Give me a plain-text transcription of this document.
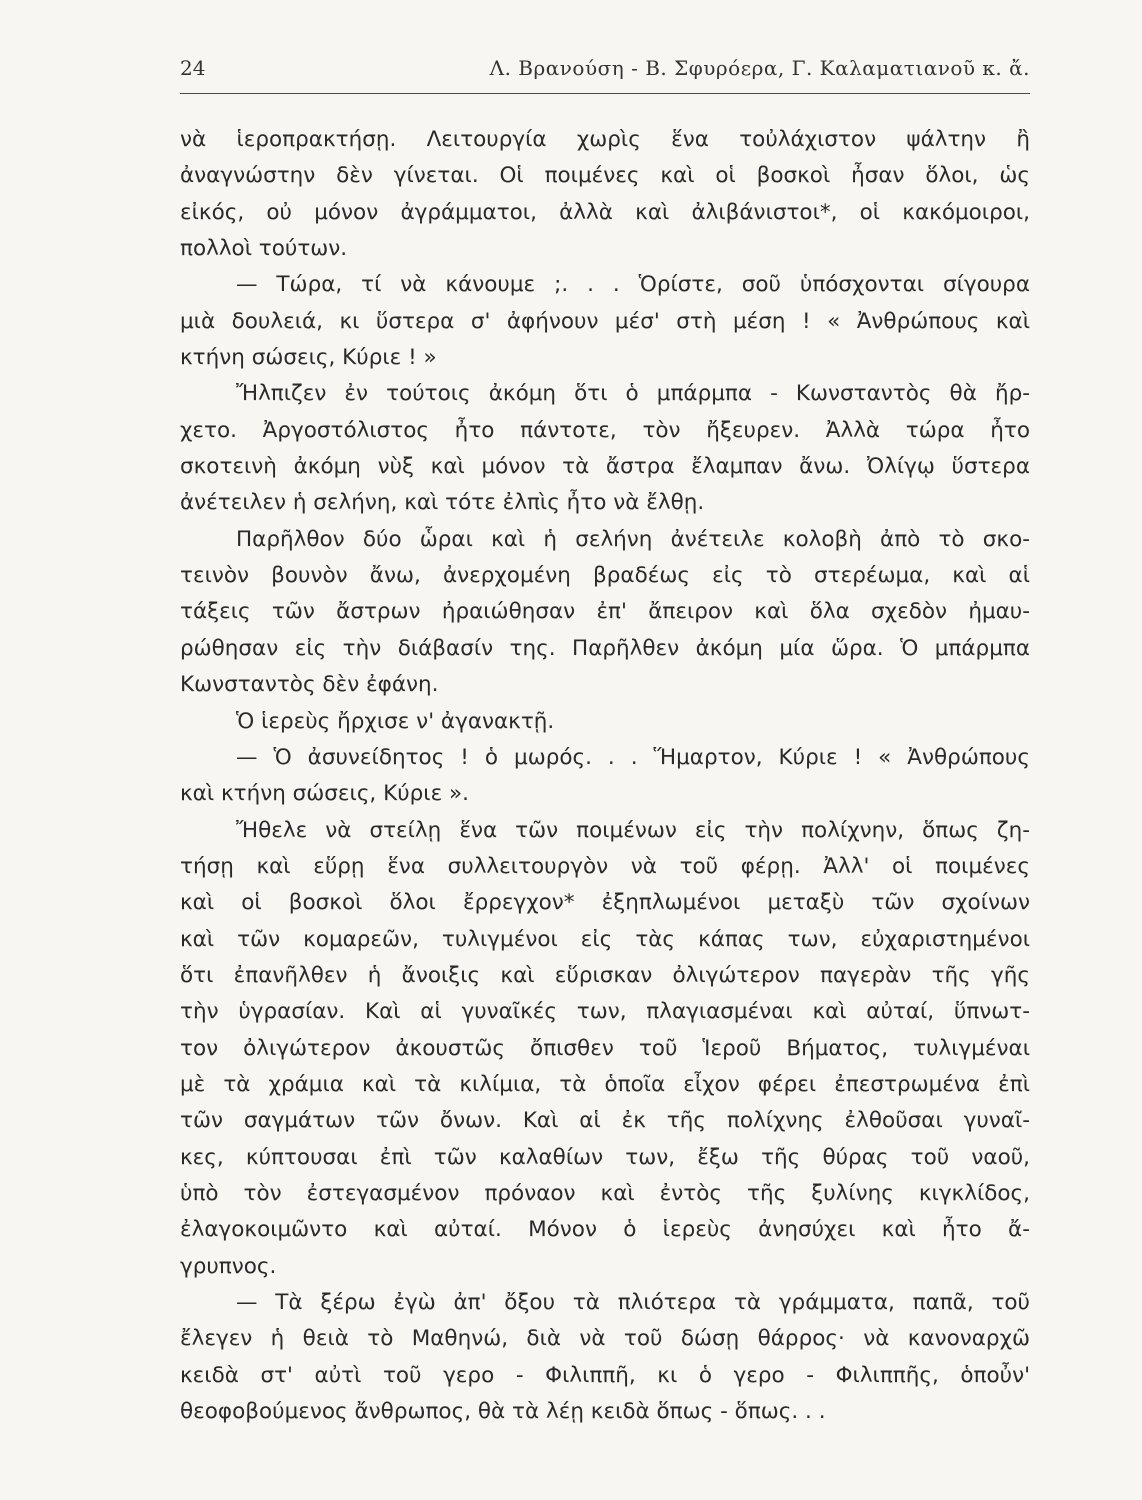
24	Λ. Βρανούση - Β. Σφυρόερα, Γ. Καλαματιανοῦ κ. ἄ.
νὰ ἱεροπρακτήσῃ. Λειτουργία χωρὶς ἕνα τοὐλάχιστον ψάλτην ἢ
ἀναγνώστην δὲν γίνεται. Οἱ ποιμένες καὶ οἱ βοσκοὶ ἦσαν ὅλοι, ὡς
εἰκός, οὐ μόνον ἀγράμματοι, ἀλλὰ καὶ ἀλιβάνιστοι*, οἱ κακόμοιροι,
πολλοὶ τούτων.
— Τώρα, τί νὰ κάνουμε ;. . . Ὁρίστε, σοῦ ὑπόσχονται σίγουρα
μιὰ δουλειά, κι ὕστερα σ' ἀφήνουν μέσ' στὴ μέση ! « Ἀνθρώπους καὶ
κτήνη σώσεις, Κύριε ! »
Ἤλπιζεν ἐν τούτοις ἀκόμη ὅτι ὁ μπάρμπα - Κωνσταντὸς θὰ ἤρ-
χετο. Ἀργοστόλιστος ἦτο πάντοτε, τὸν ἤξευρεν. Ἀλλὰ τώρα ἦτο
σκοτεινὴ ἀκόμη νὺξ καὶ μόνον τὰ ἄστρα ἔλαμπαν ἄνω. Ὀλίγῳ ὕστερα
ἀνέτειλεν ἡ σελήνη, καὶ τότε ἐλπὶς ἦτο νὰ ἔλθῃ.
Παρῆλθον δύο ὧραι καὶ ἡ σελήνη ἀνέτειλε κολοβὴ ἀπὸ τὸ σκο-
τεινὸν βουνὸν ἄνω, ἀνερχομένη βραδέως εἰς τὸ στερέωμα, καὶ αἱ
τάξεις τῶν ἄστρων ἠραιώθησαν ἐπ' ἄπειρον καὶ ὅλα σχεδὸν ἠμαυ-
ρώθησαν εἰς τὴν διάβασίν της. Παρῆλθεν ἀκόμη μία ὥρα. Ὁ μπάρμπα
Κωνσταντὸς δὲν ἐφάνη.
Ὁ ἱερεὺς ἤρχισε ν' ἀγανακτῇ.
— Ὁ ἀσυνείδητος ! ὁ μωρός. . . Ἥμαρτον, Κύριε ! « Ἀνθρώπους
καὶ κτήνη σώσεις, Κύριε ».
Ἤθελε νὰ στείλῃ ἕνα τῶν ποιμένων εἰς τὴν πολίχνην, ὅπως ζη-
τήσῃ καὶ εὕρῃ ἕνα συλλειτουργὸν νὰ τοῦ φέρῃ. Ἀλλ' οἱ ποιμένες
καὶ οἱ βοσκοὶ ὅλοι ἔρρεγχον* ἐξηπλωμένοι μεταξὺ τῶν σχοίνων
καὶ τῶν κομαρεῶν, τυλιγμένοι εἰς τὰς κάπας των, εὐχαριστημένοι
ὅτι ἐπανῆλθεν ἡ ἄνοιξις καὶ εὕρισκαν ὀλιγώτερον παγερὰν τῆς γῆς
τὴν ὑγρασίαν. Καὶ αἱ γυναῖκές των, πλαγιασμέναι καὶ αὐταί, ὕπνωτ-
τον ὀλιγώτερον ἀκουστῶς ὄπισθεν τοῦ Ἱεροῦ Βήματος, τυλιγμέναι
μὲ τὰ χράμια καὶ τὰ κιλίμια, τὰ ὁποῖα εἶχον φέρει ἐπεστρωμένα ἐπὶ
τῶν σαγμάτων τῶν ὄνων. Καὶ αἱ ἐκ τῆς πολίχνης ἐλθοῦσαι γυναῖ-
κες, κύπτουσαι ἐπὶ τῶν καλαθίων των, ἔξω τῆς θύρας τοῦ ναοῦ,
ὑπὸ τὸν ἐστεγασμένον πρόναον καὶ ἐντὸς τῆς ξυλίνης κιγκλίδος,
ἐλαγοκοιμῶντο καὶ αὐταί. Μόνον ὁ ἱερεὺς ἀνησύχει καὶ ἦτο ἄ-
γρυπνος.
— Τὰ ξέρω ἐγὼ ἀπ' ὄξου τὰ πλιότερα τὰ γράμματα, παπᾶ, τοῦ
ἔλεγεν ἡ θειὰ τὸ Μαθηνώ, διὰ νὰ τοῦ δώσῃ θάρρος· νὰ κανοναρχῶ
κειδὰ στ' αὐτὶ τοῦ γερο - Φιλιππῆ, κι ὁ γερο - Φιλιππῆς, ὁποὖν'
θεοφοβούμενος ἄνθρωπος, θὰ τὰ λέῃ κειδὰ ὅπως - ὅπως. . .
